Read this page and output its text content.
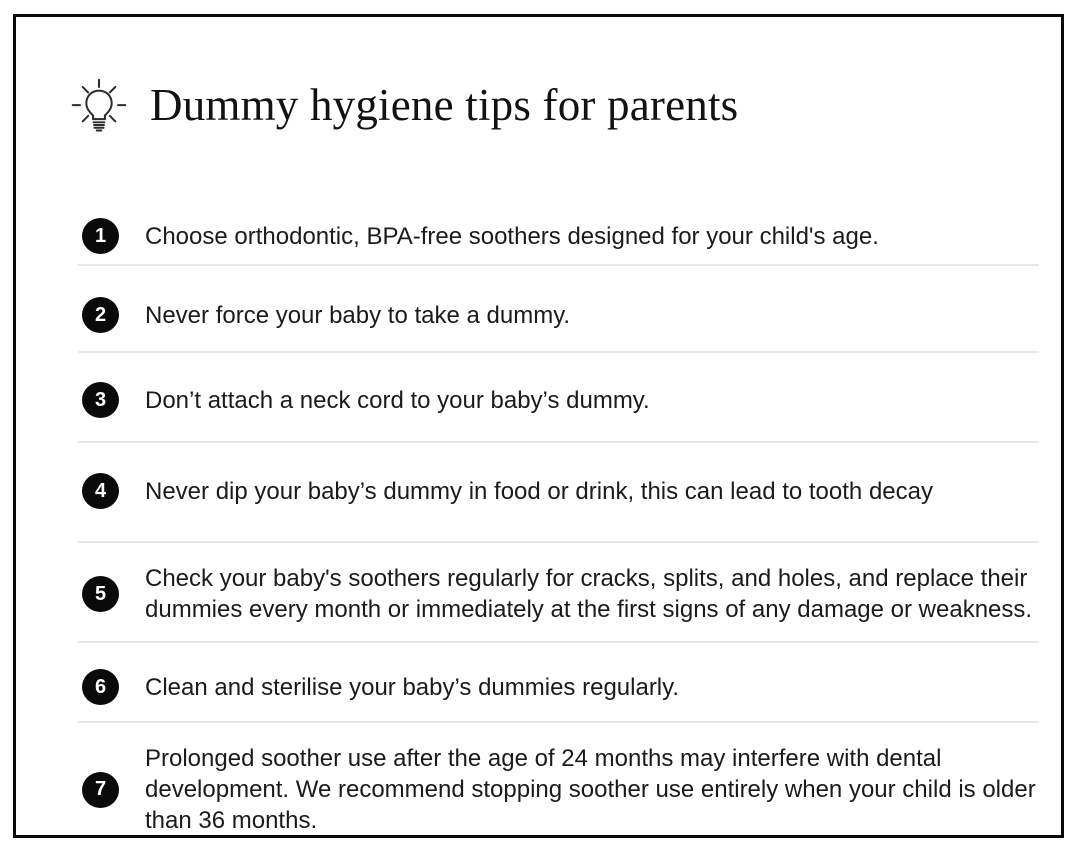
Dummy hygiene tips for parents
1	Choose orthodontic, BPA-free soothers designed for your child's age.
2	Never force your baby to take a dummy.
3	Don’t attach a neck cord to your baby’s dummy.
4	Never dip your baby’s dummy in food or drink, this can lead to tooth decay
5
Check your baby's soothers regularly for cracks, splits, and holes, and replace their dummies every month or immediately at the first signs of any damage or weakness.
6	Clean and sterilise your baby’s dummies regularly.
7
Prolonged soother use after the age of 24 months may interfere with dental development. We recommend stopping soother use entirely when your child is older than 36 months.
